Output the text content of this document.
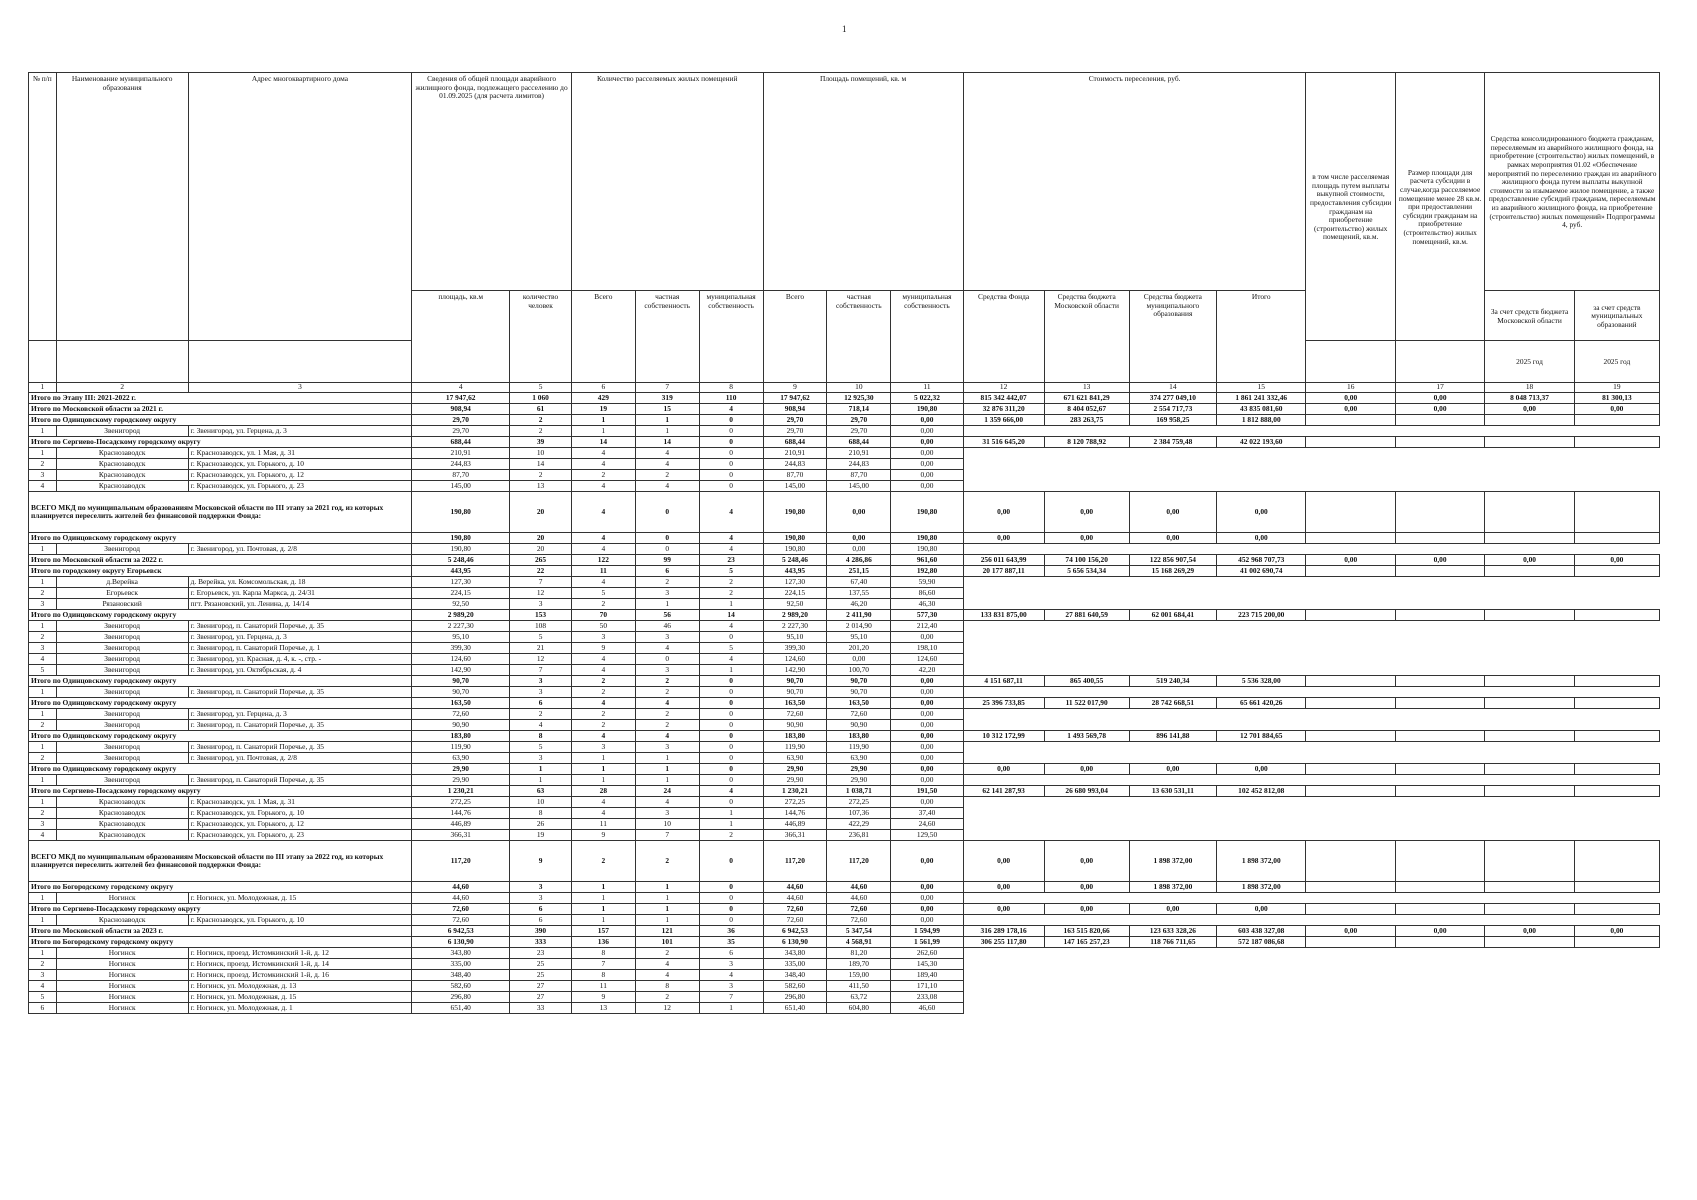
1
№ п/п	Наименование муниципального образования	Адрес многоквартирного дома	Сведения об общей площади аварийного жилищного фонда, подлежащего расселению до 01.09.2025 (для расчета лимитов)		Количество расселяемых жилых помещений			Площадь помещений, кв. м			Стоимость переселения, руб.				в том числе расселяемая площадь путем выплаты выкупной стоимости, предоставления субсидии гражданам на приобретение (строительство) жилых помещений, кв.м.	Размер площади для расчета субсидии в случае,когда расселяемое помещение менее 28 кв.м. при предоставлении субсидии гражданам на приобретение (строительство) жилых помещений, кв.м.	Средства консолидированного бюджета гражданам, переселяемым из аварийного жилищного фонда, на приобретение (строительство) жилых помещений, в рамках мероприятия 01.02 «Обеспечение мероприятий по переселению граждан из аварийного жилищного фонда путем выплаты выкупной стоимости за изымаемое жилое помещение, а также предоставление субсидий гражданам, переселяемым из аварийного жилищного фонда, на приобретение (строительство) жилых помещений» Подпрограммы 4, руб.	
			площадь, кв.м	количество человек	Всего	частная собственность	муниципальная собственность	Всего	частная собственность	муниципальная собственность	Средства Фонда	Средства бюджета Московской области	Средства бюджета муниципального образования	Итого			За счет средств бюджета Московской области	за счет средств муниципальных образований
																	2025 год	2025 год
1	2	3	4	5	6	7	8	9	10	11	12	13	14	15	16	17	18	19
Итого по Этапу III: 2021-2022 г.			17 947,62	1 060	429	319	110	17 947,62	12 925,30	5 022,32	815 342 442,07	671 621 841,29	374 277 049,10	1 861 241 332,46	0,00	0,00	8 048 713,37	81 300,13
Итого по Московской области за 2021 г.			908,94	61	19	15	4	908,94	718,14	190,80	32 876 311,20	8 404 052,67	2 554 717,73	43 835 081,60	0,00	0,00	0,00	0,00
Итого по Одинцовскому городскому округу			29,70	2	1	1	0	29,70	29,70	0,00	1 359 666,00	283 263,75	169 958,25	1 812 888,00				
1	Звенигород	г. Звенигород, ул. Герцена, д. 3	29,70	2	1	1	0	29,70	29,70	0,00								
Итого по Сергиево-Посадскому городскому округу			688,44	39	14	14	0	688,44	688,44	0,00	31 516 645,20	8 120 788,92	2 384 759,48	42 022 193,60				
1	Краснозаводск	г. Краснозаводск, ул. 1 Мая, д. 31	210,91	10	4	4	0	210,91	210,91	0,00								
2	Краснозаводск	г. Краснозаводск, ул. Горького, д. 10	244,83	14	4	4	0	244,83	244,83	0,00								
3	Краснозаводск	г. Краснозаводск, ул. Горького, д. 12	87,70	2	2	2	0	87,70	87,70	0,00								
4	Краснозаводск	г. Краснозаводск, ул. Горького, д. 23	145,00	13	4	4	0	145,00	145,00	0,00								
ВСЕГО МКД по муниципальным образованиям Московской области по III этапу за 2021 год, из которых планируется переселить жителей без финансовой поддержки Фонда:			190,80	20	4	0	4	190,80	0,00	190,80	0,00	0,00	0,00	0,00				
Итого по Одинцовскому городскому округу			190,80	20	4	0	4	190,80	0,00	190,80	0,00	0,00	0,00	0,00				
1	Звенигород	г. Звенигород, ул. Почтовая, д. 2/8	190,80	20	4	0	4	190,80	0,00	190,80								
Итого по Московской области за 2022 г.			5 248,46	265	122	99	23	5 248,46	4 286,86	961,60	256 011 643,99	74 100 156,20	122 856 907,54	452 968 707,73	0,00	0,00	0,00	0,00
Итого по городскому округу Егорьевск			443,95	22	11	6	5	443,95	251,15	192,80	20 177 887,11	5 656 534,34	15 168 269,29	41 002 690,74				
1	д.Верейка	д. Верейка, ул. Комсомольская, д. 18	127,30	7	4	2	2	127,30	67,40	59,90								
2	Егорьевск	г. Егорьевск, ул. Карла Маркса, д. 24/31	224,15	12	5	3	2	224,15	137,55	86,60								
3	Рязановский	пгт. Рязановский, ул. Ленина, д. 14/14	92,50	3	2	1	1	92,50	46,20	46,30								
Итого по Одинцовскому городскому округу			2 989,20	153	70	56	14	2 989,20	2 411,90	577,30	133 831 875,00	27 881 640,59	62 001 684,41	223 715 200,00				
1	Звенигород	г. Звенигород, п. Санаторий Поречье, д. 35	2 227,30	108	50	46	4	2 227,30	2 014,90	212,40								
2	Звенигород	г. Звенигород, ул. Герцена, д. 3	95,10	5	3	3	0	95,10	95,10	0,00								
3	Звенигород	г. Звенигород, п. Санаторий Поречье, д. 1	399,30	21	9	4	5	399,30	201,20	198,10								
4	Звенигород	г. Звенигород, ул. Красная, д. 4, к. -, стр. -	124,60	12	4	0	4	124,60	0,00	124,60								
5	Звенигород	г. Звенигород, ул. Октябрьская, д. 4	142,90	7	4	3	1	142,90	100,70	42,20								
Итого по Одинцовскому городскому округу			90,70	3	2	2	0	90,70	90,70	0,00	4 151 687,11	865 400,55	519 240,34	5 536 328,00				
1	Звенигород	г. Звенигород, п. Санаторий Поречье, д. 35	90,70	3	2	2	0	90,70	90,70	0,00								
Итого по Одинцовскому городскому округу			163,50	6	4	4	0	163,50	163,50	0,00	25 396 733,85	11 522 017,90	28 742 668,51	65 661 420,26				
1	Звенигород	г. Звенигород, ул. Герцена, д. 3	72,60	2	2	2	0	72,60	72,60	0,00								
2	Звенигород	г. Звенигород, п. Санаторий Поречье, д. 35	90,90	4	2	2	0	90,90	90,90	0,00								
Итого по Одинцовскому городскому округу			183,80	8	4	4	0	183,80	183,80	0,00	10 312 172,99	1 493 569,78	896 141,88	12 701 884,65				
1	Звенигород	г. Звенигород, п. Санаторий Поречье, д. 35	119,90	5	3	3	0	119,90	119,90	0,00								
2	Звенигород	г. Звенигород, ул. Почтовая, д. 2/8	63,90	3	1	1	0	63,90	63,90	0,00								
Итого по Одинцовскому городскому округу			29,90	1	1	1	0	29,90	29,90	0,00	0,00	0,00	0,00	0,00				
1	Звенигород	г. Звенигород, п. Санаторий Поречье, д. 35	29,90	1	1	1	0	29,90	29,90	0,00								
Итого по Сергиево-Посадскому городскому округу			1 230,21	63	28	24	4	1 230,21	1 038,71	191,50	62 141 287,93	26 680 993,04	13 630 531,11	102 452 812,08				
1	Краснозаводск	г. Краснозаводск, ул. 1 Мая, д. 31	272,25	10	4	4	0	272,25	272,25	0,00								
2	Краснозаводск	г. Краснозаводск, ул. Горького, д. 10	144,76	8	4	3	1	144,76	107,36	37,40								
3	Краснозаводск	г. Краснозаводск, ул. Горького, д. 12	446,89	26	11	10	1	446,89	422,29	24,60								
4	Краснозаводск	г. Краснозаводск, ул. Горького, д. 23	366,31	19	9	7	2	366,31	236,81	129,50								
ВСЕГО МКД по муниципальным образованиям Московской области по III этапу за 2022 год, из которых планируется переселить жителей без финансовой поддержки Фонда:			117,20	9	2	2	0	117,20	117,20	0,00	0,00	0,00	1 898 372,00	1 898 372,00				
Итого по Богородскому городскому округу			44,60	3	1	1	0	44,60	44,60	0,00	0,00	0,00	1 898 372,00	1 898 372,00				
1	Ногинск	г. Ногинск, ул. Молодежная, д. 15	44,60	3	1	1	0	44,60	44,60	0,00								
Итого по Сергиево-Посадскому городскому округу			72,60	6	1	1	0	72,60	72,60	0,00	0,00	0,00	0,00	0,00				
1	Краснозаводск	г. Краснозаводск, ул. Горького, д. 10	72,60	6	1	1	0	72,60	72,60	0,00								
Итого по Московской области за 2023 г.			6 942,53	390	157	121	36	6 942,53	5 347,54	1 594,99	316 289 178,16	163 515 820,66	123 633 328,26	603 438 327,08	0,00	0,00	0,00	0,00
Итого по Богородскому городскому округу			6 130,90	333	136	101	35	6 130,90	4 568,91	1 561,99	306 255 117,80	147 165 257,23	118 766 711,65	572 187 086,68				
1	Ногинск	г. Ногинск, проезд. Истомкинский 1-й, д. 12	343,80	23	8	2	6	343,80	81,20	262,60								
2	Ногинск	г. Ногинск, проезд. Истомкинский 1-й, д. 14	335,00	25	7	4	3	335,00	189,70	145,30								
3	Ногинск	г. Ногинск, проезд. Истомкинский 1-й, д. 16	348,40	25	8	4	4	348,40	159,00	189,40								
4	Ногинск	г. Ногинск, ул. Молодежная, д. 13	582,60	27	11	8	3	582,60	411,50	171,10								
5	Ногинск	г. Ногинск, ул. Молодежная, д. 15	296,80	27	9	2	7	296,80	63,72	233,08								
6	Ногинск	г. Ногинск, ул. Молодежная, д. 1	651,40	33	13	12	1	651,40	604,80	46,60								
